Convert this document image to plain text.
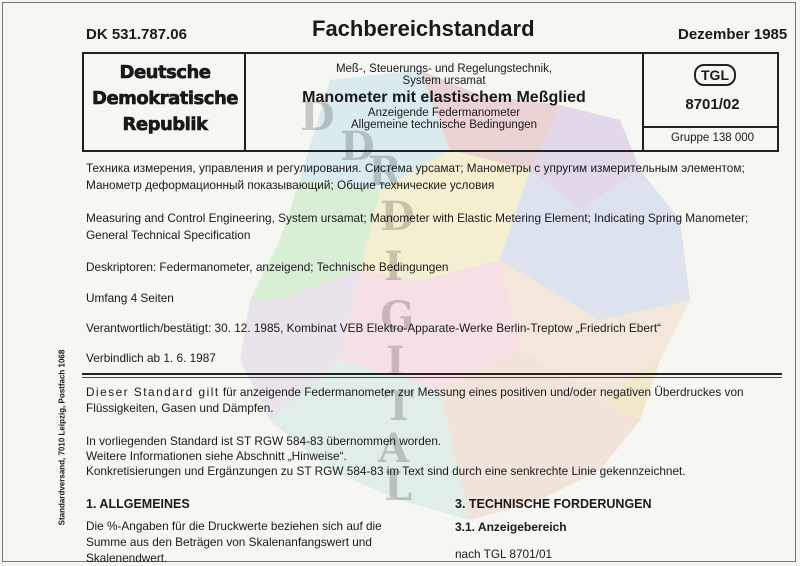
D
D
R
D
I
G
I
T
A
L
DK 531.787.06	Fachbereichstandard	Dezember 1985
Deutsche
Demokratische
Republik
Meß-, Steuerungs- und Regelungstechnik,
System ursamat
Manometer mit elastischem Meßglied
Anzeigende Federmanometer
Allgemeine technische Bedingungen
TGL
8701/02
Gruppe 138 000
Техника измерения, управления и регулирования. Система урсамат; Манометры с упругим измерительным элементом; Манометр деформационный показывающий; Общие технические условия
Measuring and Control Engineering, System ursamat; Manometer with Elastic Metering Element; Indicating Spring Manometer; General Technical Specification
Deskriptoren: Federmanometer, anzeigend; Technische Bedingungen
Umfang 4 Seiten
Verantwortlich/bestätigt: 30. 12. 1985, Kombinat VEB Elektro-Apparate-Werke Berlin-Treptow „Friedrich Ebert“
Verbindlich ab 1. 6. 1987
Dieser Standard gilt für anzeigende Federmanometer zur Messung eines positiven und/oder negativen Überdruckes von Flüssigkeiten, Gasen und Dämpfen.
In vorliegenden Standard ist ST RGW 584-83 übernommen worden.
Weitere Informationen siehe Abschnitt „Hinweise“.
Konkretisierungen und Ergänzungen zu ST RGW 584-83 im Text sind durch eine senkrechte Linie gekennzeichnet.
1. ALLGEMEINES
Die %-Angaben für die Druckwerte beziehen sich auf die Summe aus den Beträgen von Skalenanfangswert und Skalenendwert.
3. TECHNISCHE FORDERUNGEN
3.1. Anzeigebereich
nach TGL 8701/01
Standardversand, 7010 Leipzig, Postfach 1068
